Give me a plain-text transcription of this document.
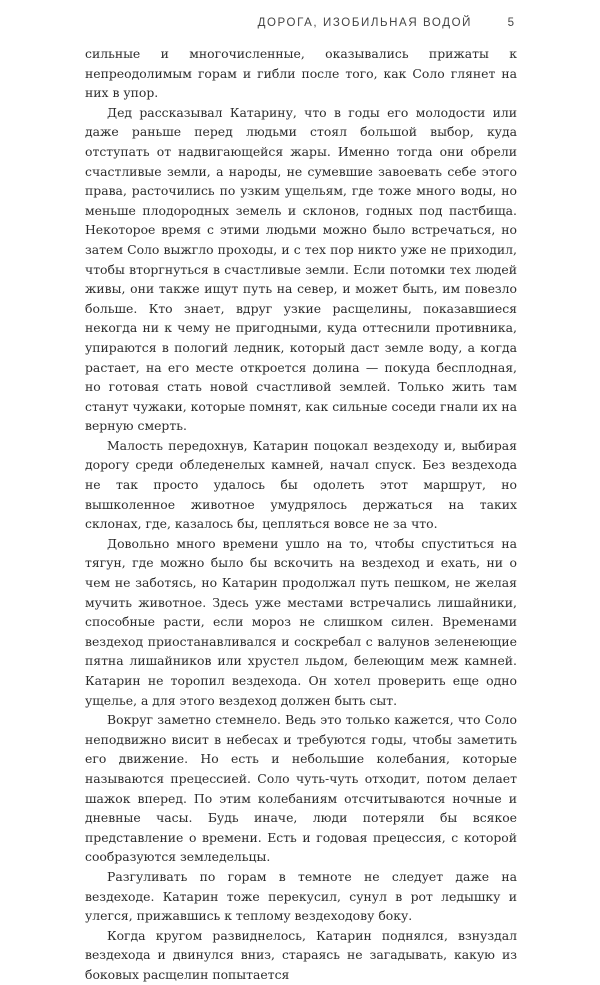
ДОРОГА, ИЗОБИЛЬНАЯ ВОДОЙ	5

сильные и многочисленные, оказывались прижаты к непреодолимым горам и гибли после того, как Соло глянет на них в упор.

Дед рассказывал Катарину, что в годы его молодости или даже раньше перед людьми стоял большой выбор, куда отступать от надвигающейся жары. Именно тогда они обрели счастливые земли, а народы, не сумевшие завоевать себе этого права, расточились по узким ущельям, где тоже много воды, но меньше плодородных земель и склонов, годных под пастбища. Некоторое время с этими людьми можно было встречаться, но затем Соло выжгло проходы, и с тех пор никто уже не приходил, чтобы вторгнуться в счастливые земли. Если потомки тех людей живы, они также ищут путь на север, и может быть, им повезло больше. Кто знает, вдруг узкие расщелины, показавшиеся некогда ни к чему не пригодными, куда оттеснили противника, упираются в пологий ледник, который даст земле воду, а когда растает, на его месте откроется долина — покуда бесплодная, но готовая стать новой счастливой землей. Только жить там станут чужаки, которые помнят, как сильные соседи гнали их на верную смерть.

Малость передохнув, Катарин поцокал вездеходу и, выбирая дорогу среди обледенелых камней, начал спуск. Без вездехода не так просто удалось бы одолеть этот маршрут, но вышколенное животное умудрялось держаться на таких склонах, где, казалось бы, цепляться вовсе не за что.

Довольно много времени ушло на то, чтобы спуститься на тягун, где можно было бы вскочить на вездеход и ехать, ни о чем не заботясь, но Катарин продолжал путь пешком, не желая мучить животное. Здесь уже местами встречались лишайники, способные расти, если мороз не слишком силен. Временами вездеход приостанавливался и соскребал с валунов зеленеющие пятна лишайников или хрустел льдом, белеющим меж камней. Катарин не торопил вездехода. Он хотел проверить еще одно ущелье, а для этого вездеход должен быть сыт.

Вокруг заметно стемнело. Ведь это только кажется, что Соло неподвижно висит в небесах и требуются годы, чтобы заметить его движение. Но есть и небольшие колебания, которые называются прецессией. Соло чуть-чуть отходит, потом делает шажок вперед. По этим колебаниям отсчитываются ночные и дневные часы. Будь иначе, люди потеряли бы всякое представление о времени. Есть и годовая прецессия, с которой сообразуются земледельцы.

Разгуливать по горам в темноте не следует даже на вездеходе. Катарин тоже перекусил, сунул в рот ледышку и улегся, прижавшись к теплому вездеходову боку.

Когда кругом развиднелось, Катарин поднялся, взнуздал вездехода и двинулся вниз, стараясь не загадывать, какую из боковых расщелин попытается
